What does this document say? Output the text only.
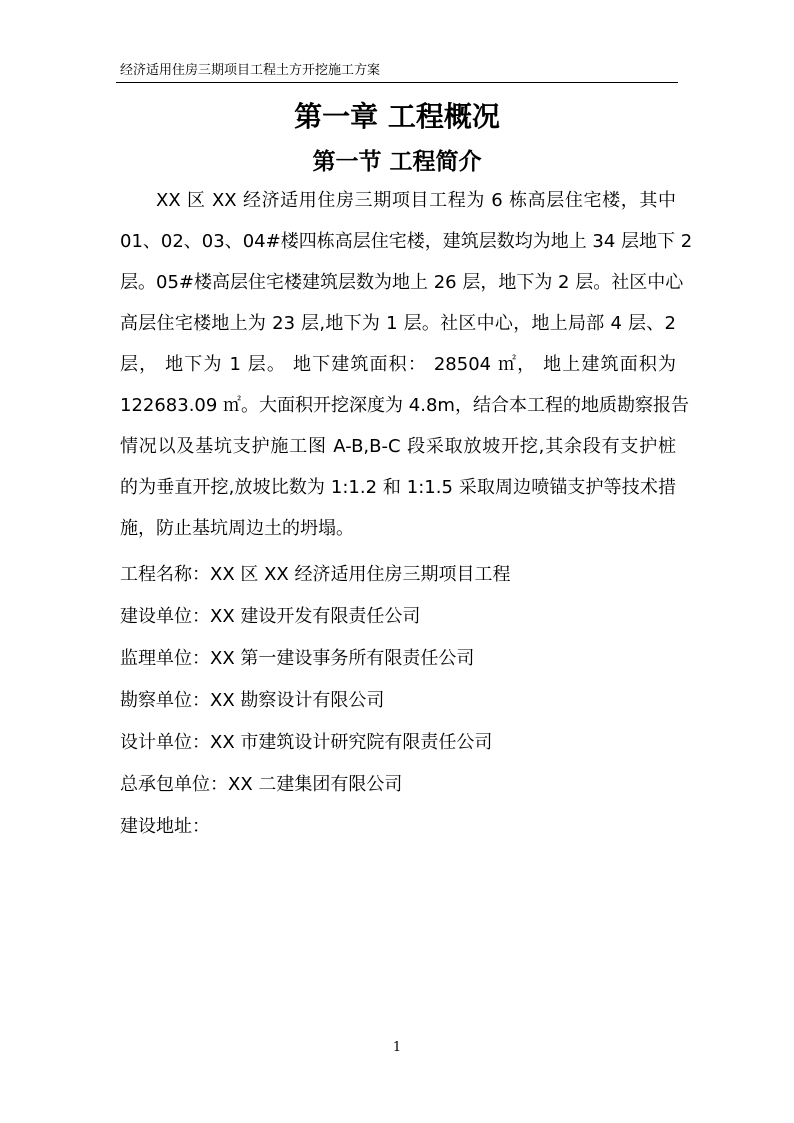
经济适用住房三期项目工程土方开挖施工方案
第一章 工程概况
第一节 工程简介
XX 区 XX 经济适用住房三期项目工程为 6 栋高层住宅楼，其中
01、02、03、04#楼四栋高层住宅楼，建筑层数均为地上 34 层地下 2
层。05#楼高层住宅楼建筑层数为地上 26 层，地下为 2 层。社区中心
高层住宅楼地上为 23 层,地下为 1 层。社区中心，地上局部 4 层、2
层， 地下为 1 层。 地下建筑面积： 28504 ㎡， 地上建筑面积为
122683.09 ㎡。大面积开挖深度为 4.8m，结合本工程的地质勘察报告
情况以及基坑支护施工图 A-B,B-C 段采取放坡开挖,其余段有支护桩
的为垂直开挖,放坡比数为 1:1.2 和 1:1.5 采取周边喷锚支护等技术措
施，防止基坑周边土的坍塌。
工程名称：XX 区 XX 经济适用住房三期项目工程
建设单位：XX 建设开发有限责任公司
监理单位：XX 第一建设事务所有限责任公司
勘察单位：XX 勘察设计有限公司
设计单位：XX 市建筑设计研究院有限责任公司
总承包单位：XX 二建集团有限公司
建设地址：
1
